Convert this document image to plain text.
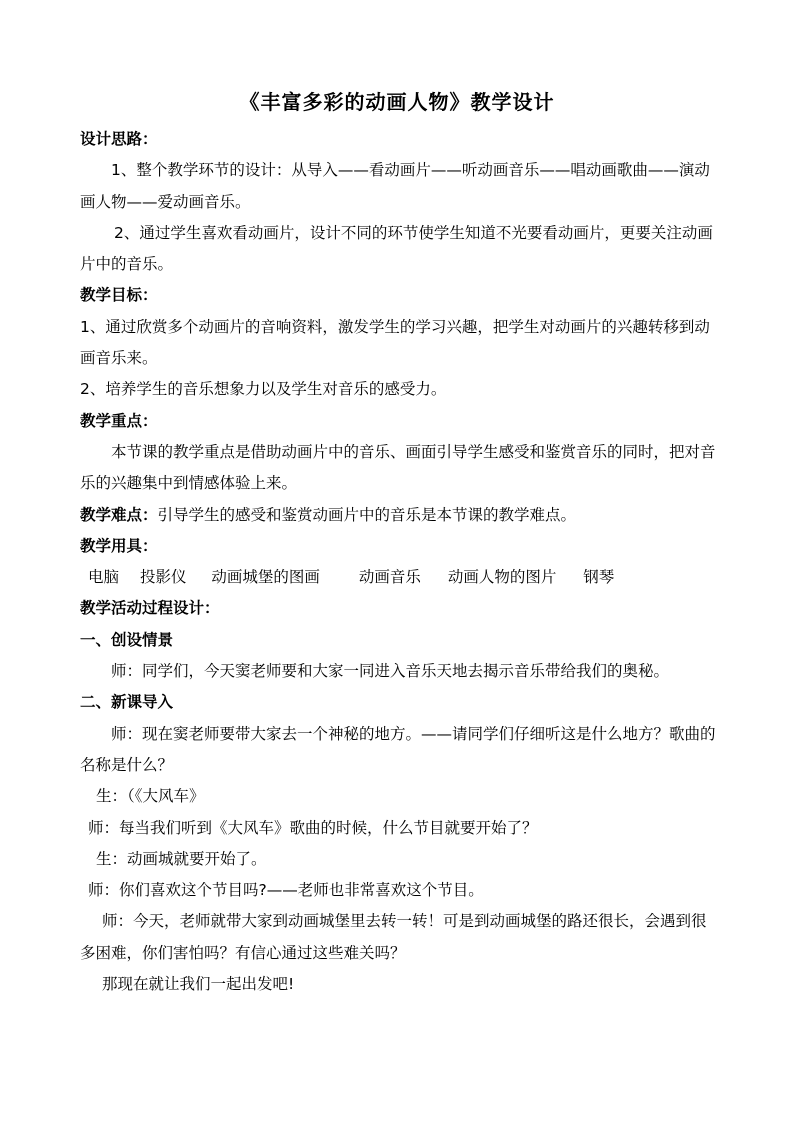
《丰富多彩的动画人物》教学设计

设计思路：

1、整个教学环节的设计：从导入——看动画片——听动画音乐——唱动画歌曲——演动画人物——爱动画音乐。

2、通过学生喜欢看动画片，设计不同的环节使学生知道不光要看动画片，更要关注动画片中的音乐。

教学目标：

1、通过欣赏多个动画片的音响资料，激发学生的学习兴趣，把学生对动画片的兴趣转移到动画音乐来。

2、培养学生的音乐想象力以及学生对音乐的感受力。

教学重点：

本节课的教学重点是借助动画片中的音乐、画面引导学生感受和鉴赏音乐的同时，把对音乐的兴趣集中到情感体验上来。

教学难点：引导学生的感受和鉴赏动画片中的音乐是本节课的教学难点。

教学用具：

电脑 投影仪 动画城堡的图画	动画音乐 动画人物的图片 钢琴

教学活动过程设计：

一、创设情景

师：同学们，今天窦老师要和大家一同进入音乐天地去揭示音乐带给我们的奥秘。

二、新课导入

师：现在窦老师要带大家去一个神秘的地方。——请同学们仔细听这是什么地方？歌曲的名称是什么？

生：（《大风车》

师：每当我们听到《大风车》歌曲的时候，什么节目就要开始了？

生：动画城就要开始了。

师：你们喜欢这个节目吗?——老师也非常喜欢这个节目。

师：今天，老师就带大家到动画城堡里去转一转！可是到动画城堡的路还很长，会遇到很多困难，你们害怕吗？有信心通过这些难关吗？

那现在就让我们一起出发吧!
